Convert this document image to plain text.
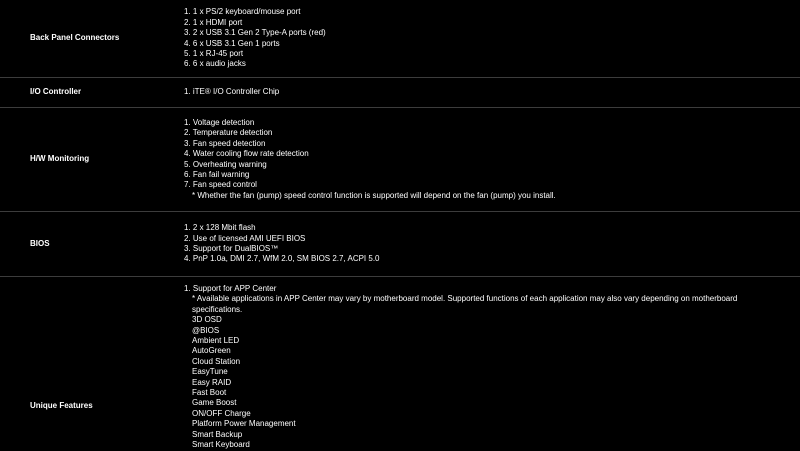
Back Panel Connectors
1. 1 x PS/2 keyboard/mouse port
2. 1 x HDMI port
3. 2 x USB 3.1 Gen 2 Type-A ports (red)
4. 6 x USB 3.1 Gen 1 ports
5. 1 x RJ-45 port
6. 6 x audio jacks
I/O Controller	1. iTE® I/O Controller Chip
H/W Monitoring
1. Voltage detection
2. Temperature detection
3. Fan speed detection
4. Water cooling flow rate detection
5. Overheating warning
6. Fan fail warning
7. Fan speed control
* Whether the fan (pump) speed control function is supported will depend on the fan (pump) you install.
BIOS
1. 2 x 128 Mbit flash
2. Use of licensed AMI UEFI BIOS
3. Support for DualBIOS™
4. PnP 1.0a, DMI 2.7, WfM 2.0, SM BIOS 2.7, ACPI 5.0
Unique Features
1. Support for APP Center
* Available applications in APP Center may vary by motherboard model. Supported functions of each application may also vary depending on motherboard specifications.
3D OSD
@BIOS
Ambient LED
AutoGreen
Cloud Station
EasyTune
Easy RAID
Fast Boot
Game Boost
ON/OFF Charge
Platform Power Management
Smart Backup
Smart Keyboard
